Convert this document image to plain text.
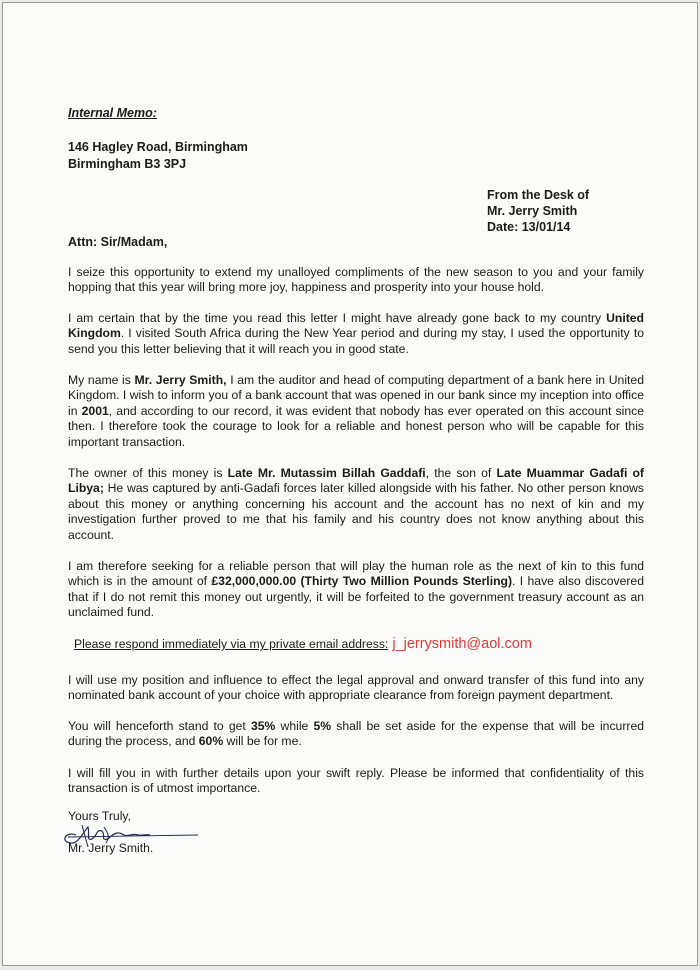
Internal Memo:
146 Hagley Road, Birmingham
Birmingham B3 3PJ
From the Desk of
Mr. Jerry Smith
Date: 13/01/14
Attn: Sir/Madam,

I seize this opportunity to extend my unalloyed compliments of the new season to you and your family hopping that this year will bring more joy, happiness and prosperity into your house hold.

I am certain that by the time you read this letter I might have already gone back to my country United Kingdom. I visited South Africa during the New Year period and during my stay, I used the opportunity to send you this letter believing that it will reach you in good state.

My name is Mr. Jerry Smith, I am the auditor and head of computing department of a bank here in United Kingdom. I wish to inform you of a bank account that was opened in our bank since my inception into office in 2001, and according to our record, it was evident that nobody has ever operated on this account since then. I therefore took the courage to look for a reliable and honest person who will be capable for this important transaction.

The owner of this money is Late Mr. Mutassim Billah Gaddafi, the son of Late Muammar Gadafi of Libya; He was captured by anti-Gadafi forces later killed alongside with his father. No other person knows about this money or anything concerning his account and the account has no next of kin and my investigation further proved to me that his family and his country does not know anything about this account.

I am therefore seeking for a reliable person that will play the human role as the next of kin to this fund which is in the amount of £32,000,000.00 (Thirty Two Million Pounds Sterling). I have also discovered that if I do not remit this money out urgently, it will be forfeited to the government treasury account as an unclaimed fund.

Please respond immediately via my private email address: j_jerrysmith@aol.com

I will use my position and influence to effect the legal approval and onward transfer of this fund into any nominated bank account of your choice with appropriate clearance from foreign payment department.

You will henceforth stand to get 35% while 5% shall be set aside for the expense that will be incurred during the process, and 60% will be for me.

I will fill you in with further details upon your swift reply. Please be informed that confidentiality of this transaction is of utmost importance.

Yours Truly,
Mr. Jerry Smith.
